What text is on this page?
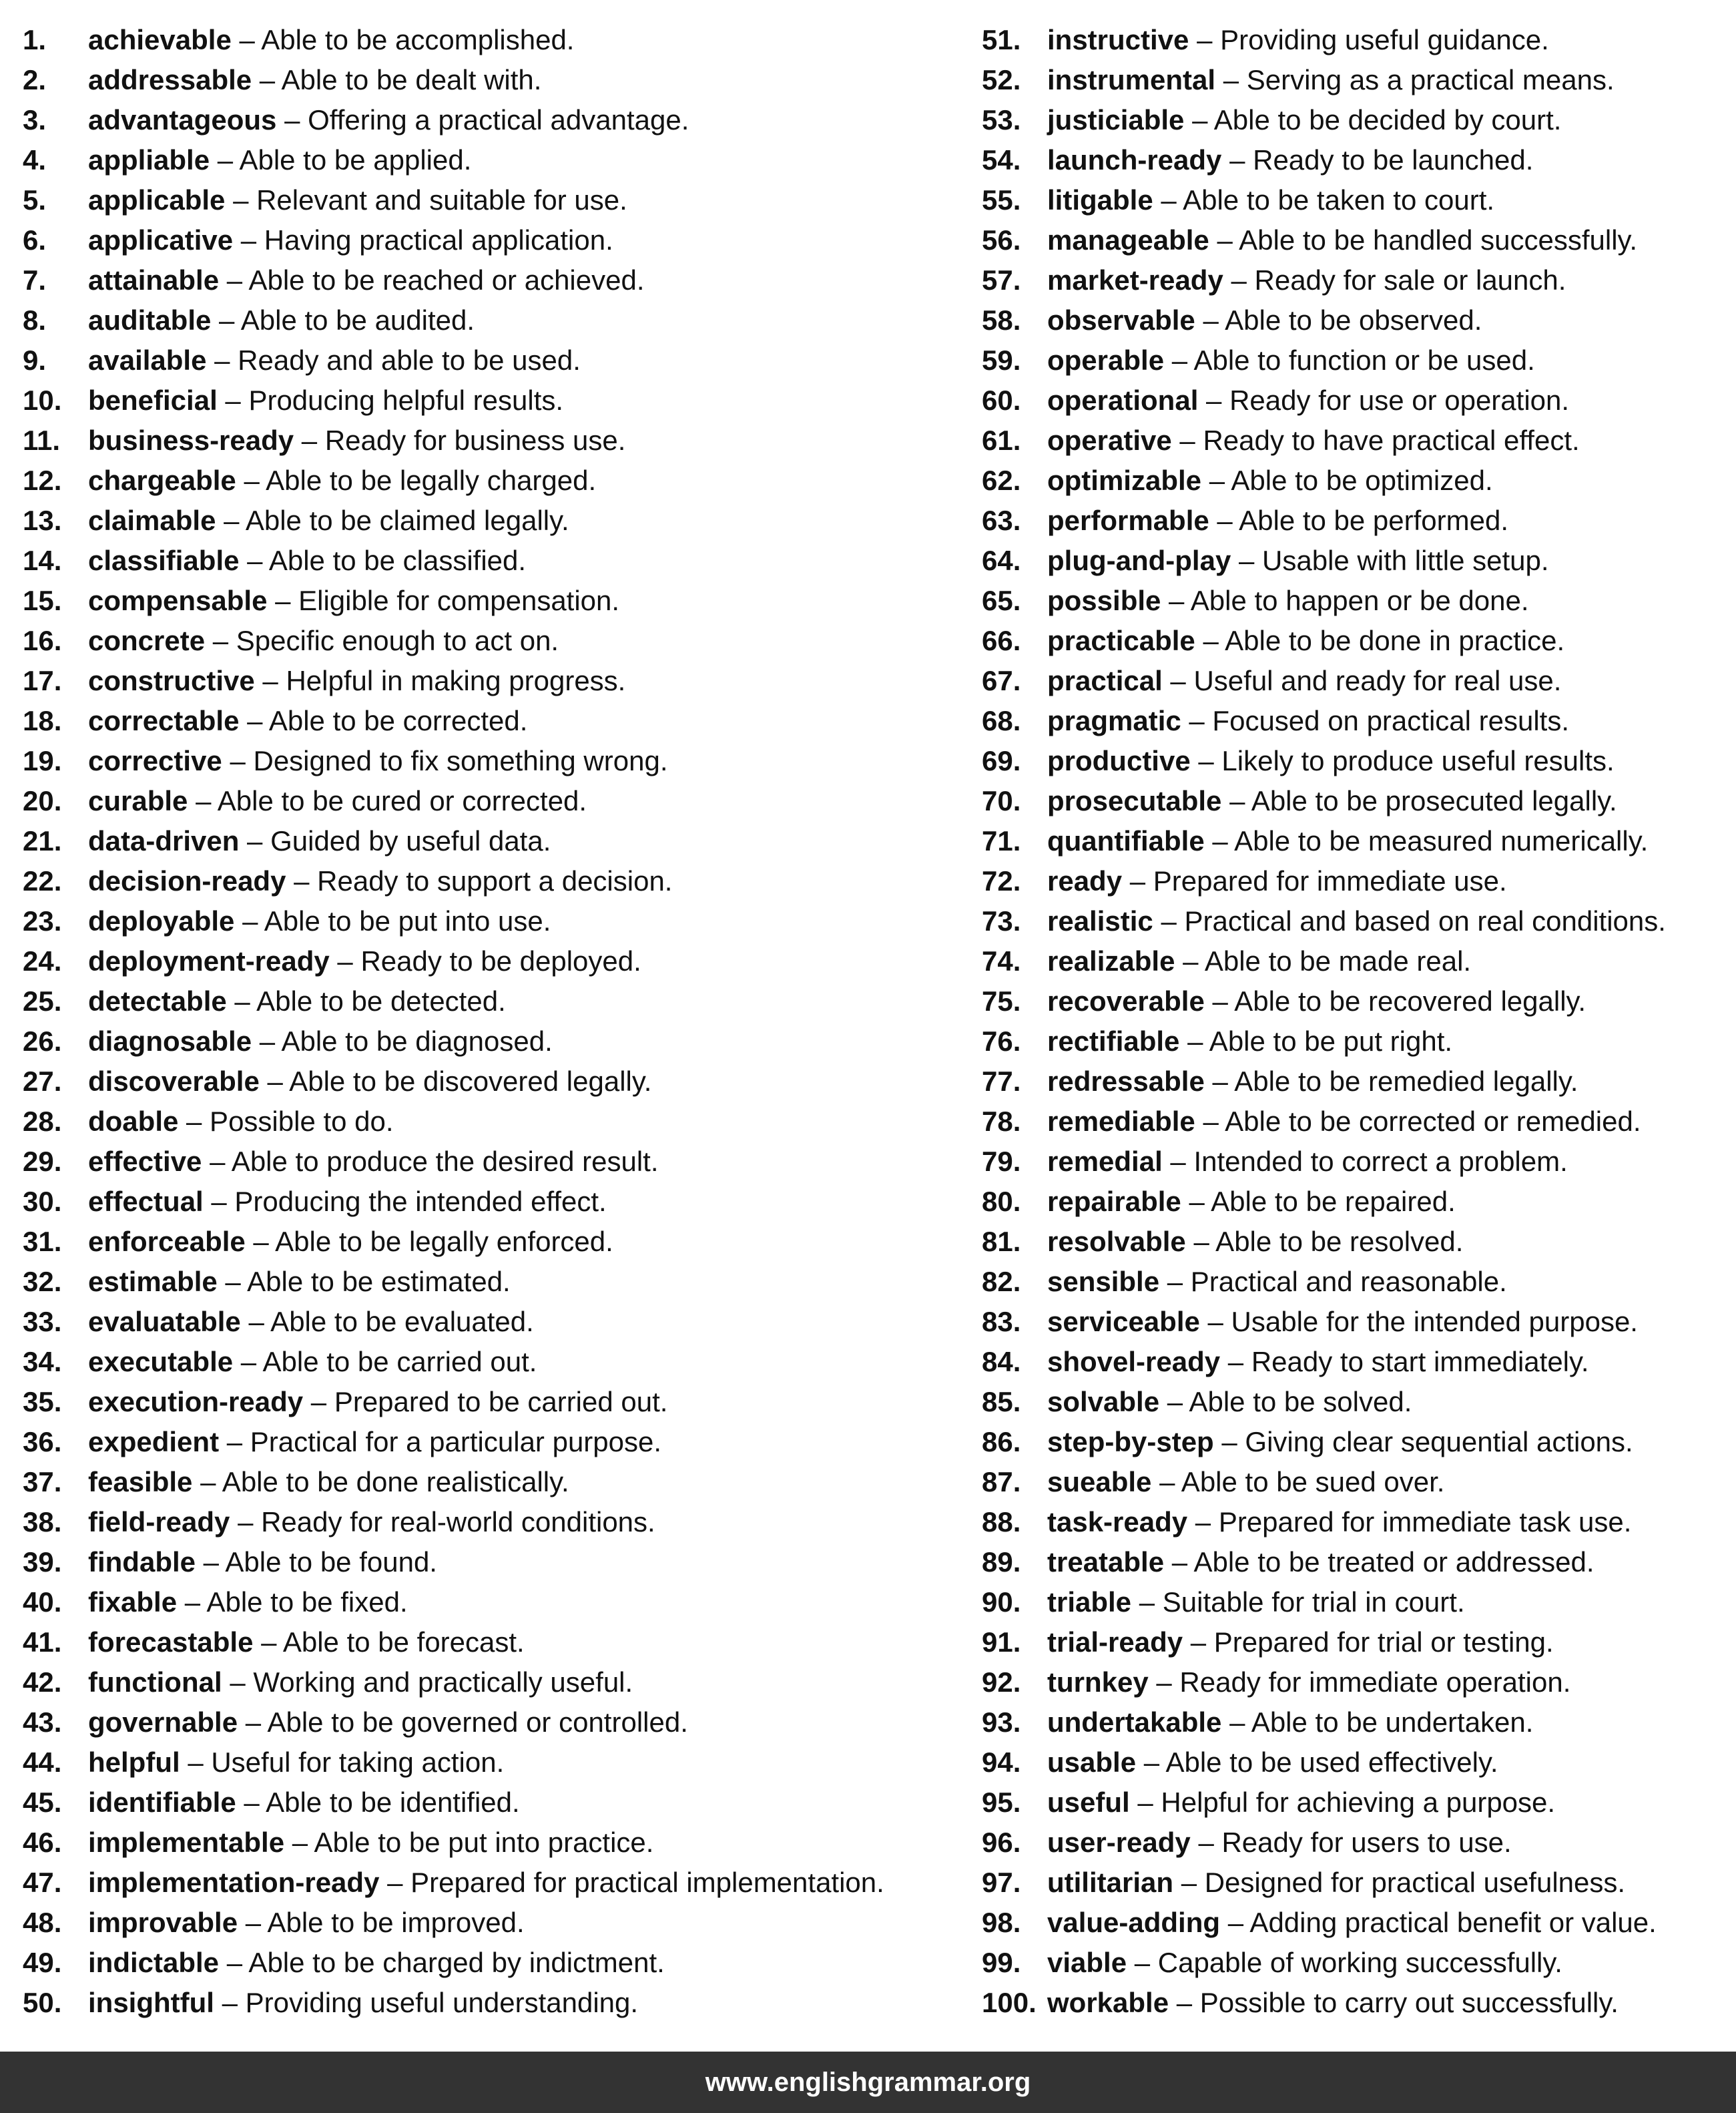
1. achievable – Able to be accomplished.
2. addressable – Able to be dealt with.
3. advantageous – Offering a practical advantage.
4. appliable – Able to be applied.
5. applicable – Relevant and suitable for use.
6. applicative – Having practical application.
7. attainable – Able to be reached or achieved.
8. auditable – Able to be audited.
9. available – Ready and able to be used.
10. beneficial – Producing helpful results.
11. business-ready – Ready for business use.
12. chargeable – Able to be legally charged.
13. claimable – Able to be claimed legally.
14. classifiable – Able to be classified.
15. compensable – Eligible for compensation.
16. concrete – Specific enough to act on.
17. constructive – Helpful in making progress.
18. correctable – Able to be corrected.
19. corrective – Designed to fix something wrong.
20. curable – Able to be cured or corrected.
21. data-driven – Guided by useful data.
22. decision-ready – Ready to support a decision.
23. deployable – Able to be put into use.
24. deployment-ready – Ready to be deployed.
25. detectable – Able to be detected.
26. diagnosable – Able to be diagnosed.
27. discoverable – Able to be discovered legally.
28. doable – Possible to do.
29. effective – Able to produce the desired result.
30. effectual – Producing the intended effect.
31. enforceable – Able to be legally enforced.
32. estimable – Able to be estimated.
33. evaluatable – Able to be evaluated.
34. executable – Able to be carried out.
35. execution-ready – Prepared to be carried out.
36. expedient – Practical for a particular purpose.
37. feasible – Able to be done realistically.
38. field-ready – Ready for real-world conditions.
39. findable – Able to be found.
40. fixable – Able to be fixed.
41. forecastable – Able to be forecast.
42. functional – Working and practically useful.
43. governable – Able to be governed or controlled.
44. helpful – Useful for taking action.
45. identifiable – Able to be identified.
46. implementable – Able to be put into practice.
47. implementation-ready – Prepared for practical implementation.
48. improvable – Able to be improved.
49. indictable – Able to be charged by indictment.
50. insightful – Providing useful understanding.
51. instructive – Providing useful guidance.
52. instrumental – Serving as a practical means.
53. justiciable – Able to be decided by court.
54. launch-ready – Ready to be launched.
55. litigable – Able to be taken to court.
56. manageable – Able to be handled successfully.
57. market-ready – Ready for sale or launch.
58. observable – Able to be observed.
59. operable – Able to function or be used.
60. operational – Ready for use or operation.
61. operative – Ready to have practical effect.
62. optimizable – Able to be optimized.
63. performable – Able to be performed.
64. plug-and-play – Usable with little setup.
65. possible – Able to happen or be done.
66. practicable – Able to be done in practice.
67. practical – Useful and ready for real use.
68. pragmatic – Focused on practical results.
69. productive – Likely to produce useful results.
70. prosecutable – Able to be prosecuted legally.
71. quantifiable – Able to be measured numerically.
72. ready – Prepared for immediate use.
73. realistic – Practical and based on real conditions.
74. realizable – Able to be made real.
75. recoverable – Able to be recovered legally.
76. rectifiable – Able to be put right.
77. redressable – Able to be remedied legally.
78. remediable – Able to be corrected or remedied.
79. remedial – Intended to correct a problem.
80. repairable – Able to be repaired.
81. resolvable – Able to be resolved.
82. sensible – Practical and reasonable.
83. serviceable – Usable for the intended purpose.
84. shovel-ready – Ready to start immediately.
85. solvable – Able to be solved.
86. step-by-step – Giving clear sequential actions.
87. sueable – Able to be sued over.
88. task-ready – Prepared for immediate task use.
89. treatable – Able to be treated or addressed.
90. triable – Suitable for trial in court.
91. trial-ready – Prepared for trial or testing.
92. turnkey – Ready for immediate operation.
93. undertakable – Able to be undertaken.
94. usable – Able to be used effectively.
95. useful – Helpful for achieving a purpose.
96. user-ready – Ready for users to use.
97. utilitarian – Designed for practical usefulness.
98. value-adding – Adding practical benefit or value.
99. viable – Capable of working successfully.
100. workable – Possible to carry out successfully.
www.englishgrammar.org
